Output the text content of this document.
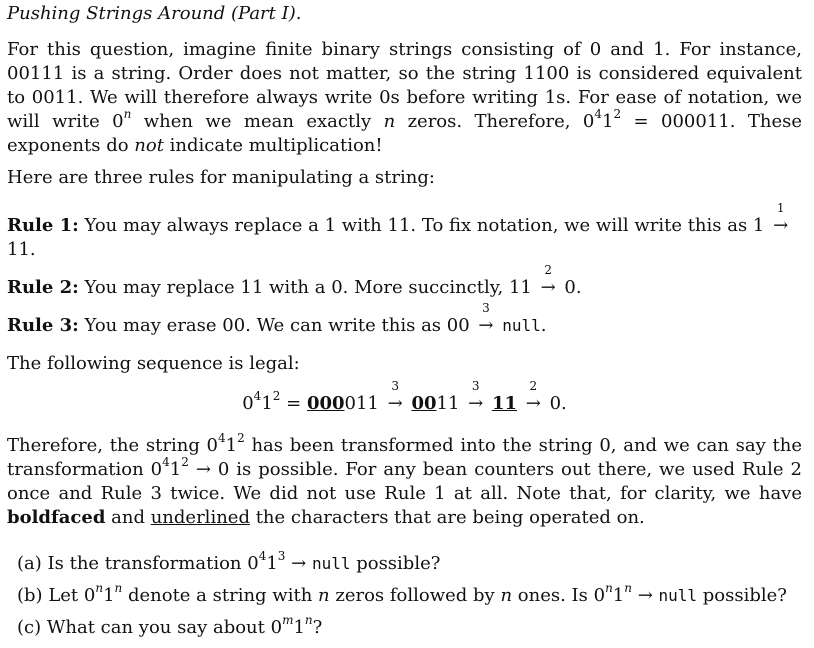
Pushing Strings Around (Part I).

For this question, imagine finite binary strings consisting of 0 and 1. For instance, 00111 is a string. Order does not matter, so the string 1100 is considered equivalent to 0011. We will therefore always write 0s before writing 1s. For ease of notation, we will write 0$^n$ when we mean exactly n zeros. Therefore, $0^41^2 = 000011$. These exponents do not indicate multiplication!

Here are three rules for manipulating a string:

Rule 1: You may always replace a 1 with 11. To fix notation, we will write this as 1
1
→ 11.

Rule 2: You may replace 11 with a 0. More succinctly, 11
2
→ 0.

Rule 3: You may erase 00. We can write this as 00
3
→ null.

The following sequence is legal:

$0^41^2 = 000011$
3
→ 0011
3
→ 11
2
→ 0.

Therefore, the string $0^41^2$ has been transformed into the string 0, and we can say the transformation $0^41^2 \to 0$ is possible. For any bean counters out there, we used Rule 2 once and Rule 3 twice. We did not use Rule 1 at all. Note that, for clarity, we have boldfaced and underlined the characters that are being operated on.

(a) Is the transformation $0^41^3$ → null possible?

(b) Let 0$^n$1$^n$ denote a string with n zeros followed by n ones. Is $0^n1^n$ → null possible?

(c) What can you say about 0$^m$1$^n$?
